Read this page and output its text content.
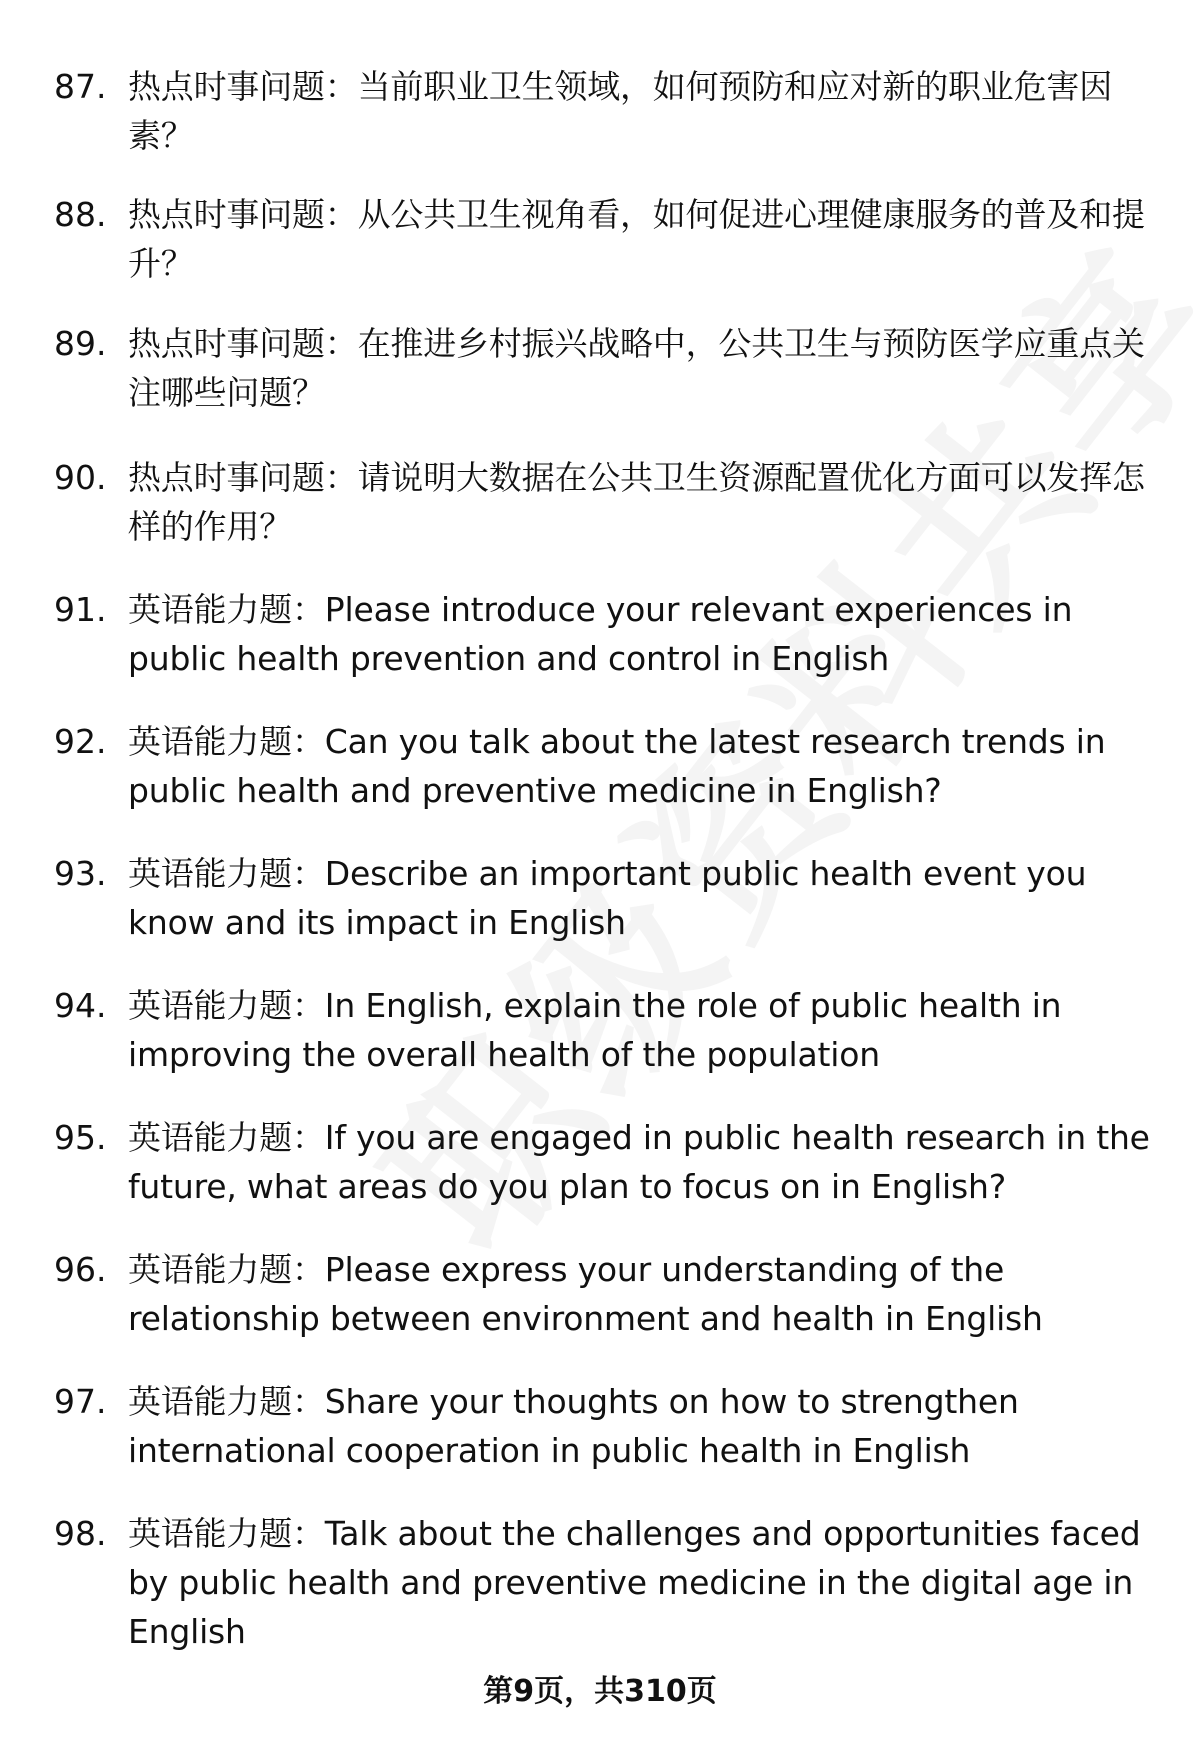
87. 热点时事问题：当前职业卫生领域，如何预防和应对新的职业危害因素？
88. 热点时事问题：从公共卫生视角看，如何促进心理健康服务的普及和提升？
89. 热点时事问题：在推进乡村振兴战略中，公共卫生与预防医学应重点关注哪些问题？
90. 热点时事问题：请说明大数据在公共卫生资源配置优化方面可以发挥怎样的作用？
91. 英语能力题：Please introduce your relevant experiences in public health prevention and control in English
92. 英语能力题：Can you talk about the latest research trends in public health and preventive medicine in English?
93. 英语能力题：Describe an important public health event you know and its impact in English
94. 英语能力题：In English, explain the role of public health in improving the overall health of the population
95. 英语能力题：If you are engaged in public health research in the future, what areas do you plan to focus on in English?
96. 英语能力题：Please express your understanding of the relationship between environment and health in English
97. 英语能力题：Share your thoughts on how to strengthen international cooperation in public health in English
98. 英语能力题：Talk about the challenges and opportunities faced by public health and preventive medicine in the digital age in English
第9页，共310页
